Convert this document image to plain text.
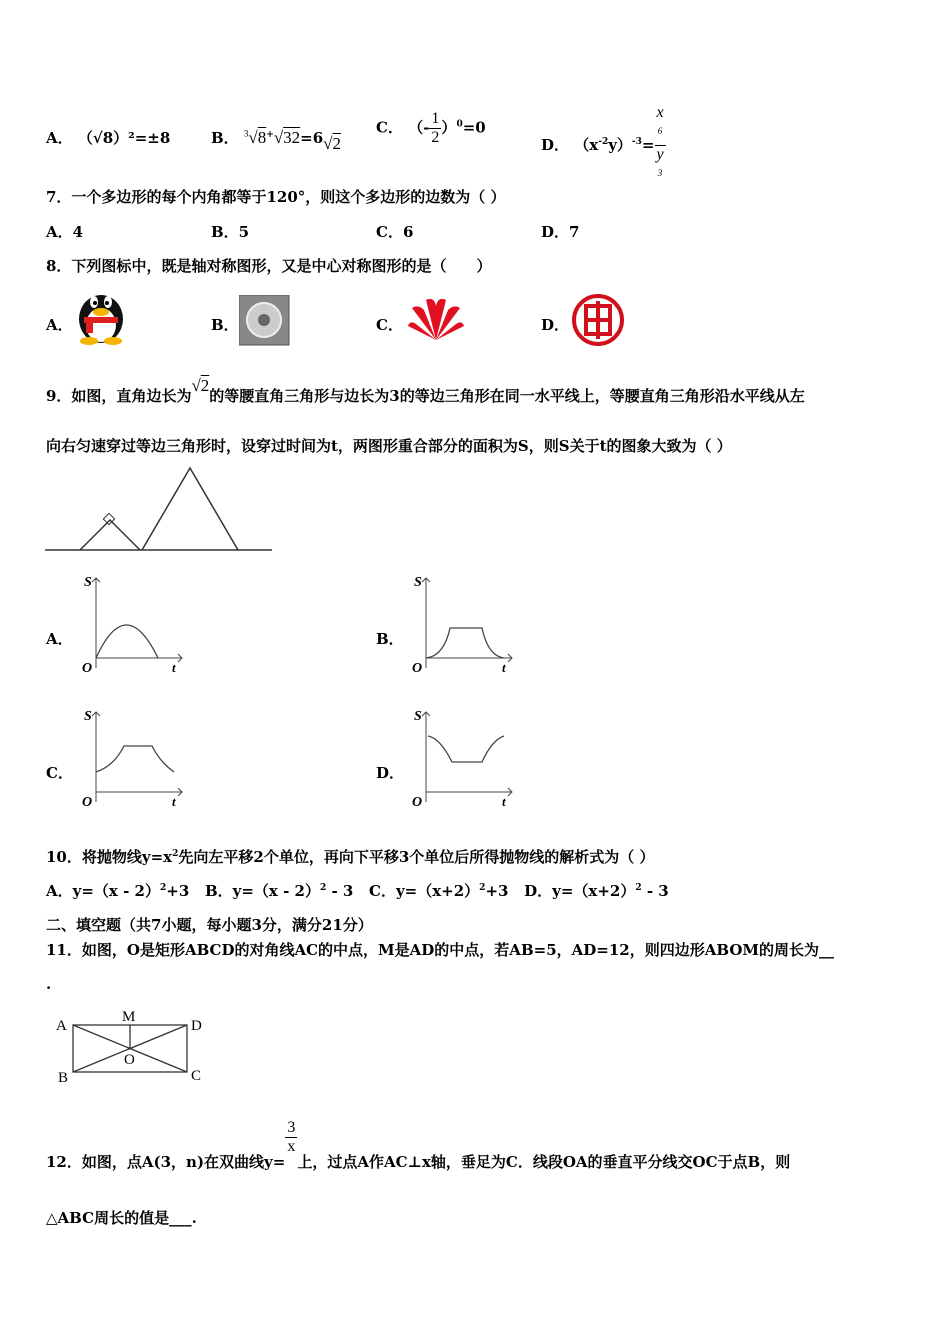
A． （√8）²=±8	B． $^3$√8+√32=6√2
C． （- $\frac{1}{2} )^0=0$
D． $(x^{-2}y)^{-3}= x$
$^6$
y
$^3$
7．一个多边形的每个内角都等于120°，则这个多边形的边数为（ ）
A．4	B．5	C．6	D．7
8．下列图标中，既是轴对称图形，又是中心对称图形的是（　　）
A．	B．	C．	D．
9．如图，直角边长为√2的等腰直角三角形与边长为3的等边三角形在同一水平线上，等腰直角三角形沿水平线从左
向右匀速穿过等边三角形时，设穿过时间为t，两图形重合部分的面积为S，则S关于t的图象大致为（ ）
A．
S
O	t
B．
S
O	t
C．
S
O	t
D．
S
O	t
10．将抛物线$y=x^2$先向左平移2个单位，再向下平移3个单位后所得抛物线的解析式为（ ）
A．y=（x - 2）$^2$+3 B．y=（x - 2）$^2$ - 3 C．$y=(x+2)^2+3$ D．$y=(x+2)^2 - 3$
二、填空题（共7小题，每小题3分，满分21分）
11．如图，O是矩形ABCD的对角线AC的中点，M是AD的中点，若AB=5，AD=12，则四边形ABOM的周长为__
.
A
M
D
B
O
C
12．如图，点A(3，n)在双曲线y=
$\frac{3}{x}$
上，过点A作AC⊥x轴，垂足为C．线段OA的垂直平分线交OC于点B，则
△ABC周长的值是___.
